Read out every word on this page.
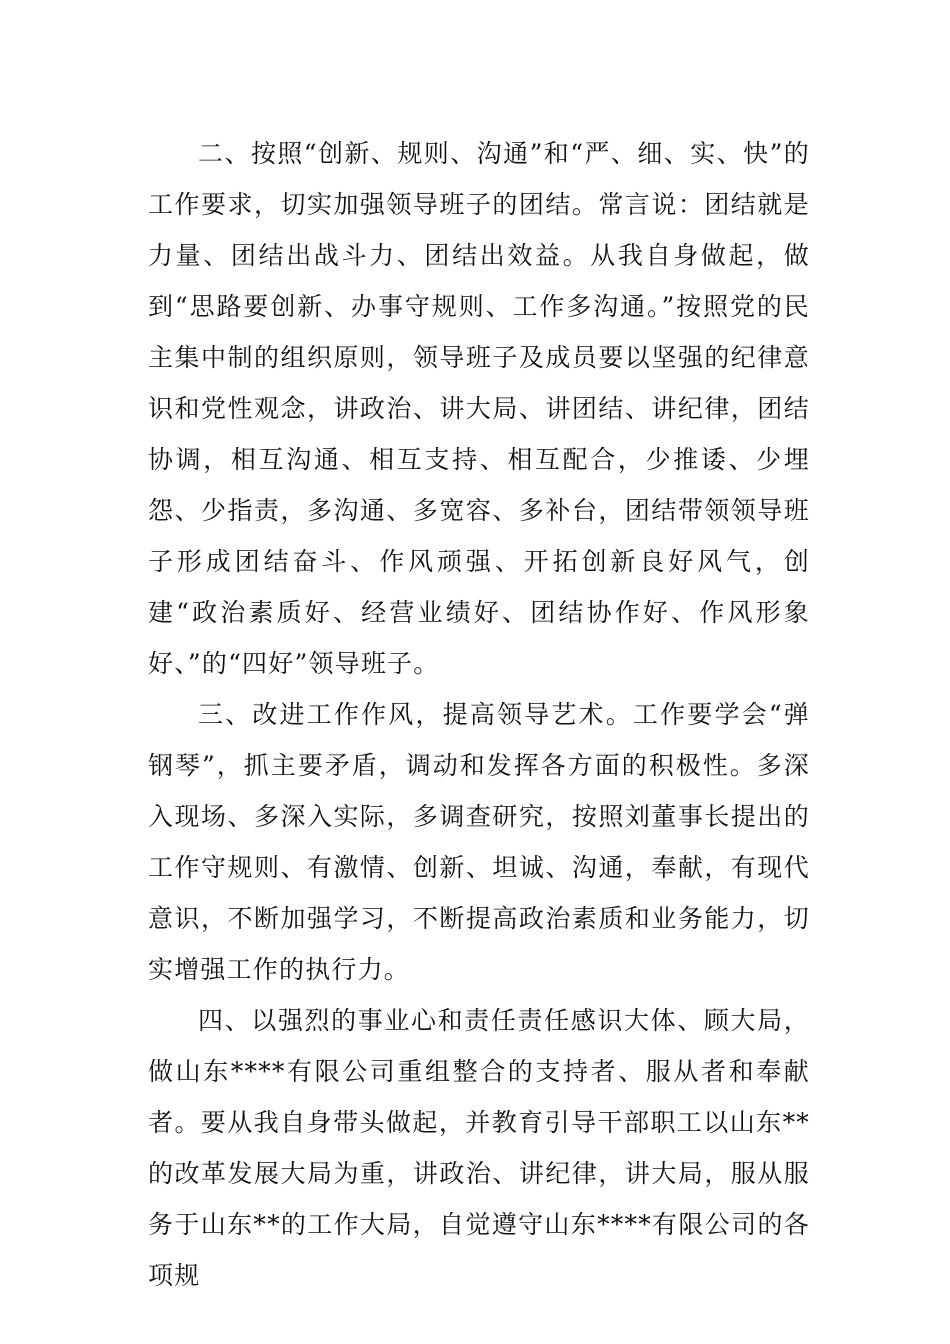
二、按照“创新、规则、沟通”和“严、细、实、快”的工作要求，切实加强领导班子的团结。常言说：团结就是力量、团结出战斗力、团结出效益。从我自身做起，做到“思路要创新、办事守规则、工作多沟通。”按照党的民主集中制的组织原则，领导班子及成员要以坚强的纪律意识和党性观念，讲政治、讲大局、讲团结、讲纪律，团结协调，相互沟通、相互支持、相互配合，少推诿、少埋怨、少指责，多沟通、多宽容、多补台，团结带领领导班子形成团结奋斗、作风顽强、开拓创新良好风气，创建“政治素质好、经营业绩好、团结协作好、作风形象好、”的“四好”领导班子。

三、改进工作作风，提高领导艺术。工作要学会“弹钢琴”，抓主要矛盾，调动和发挥各方面的积极性。多深入现场、多深入实际，多调查研究，按照刘董事长提出的工作守规则、有激情、创新、坦诚、沟通，奉献，有现代意识，不断加强学习，不断提高政治素质和业务能力，切实增强工作的执行力。

四、以强烈的事业心和责任责任感识大体、顾大局，做山东****有限公司重组整合的支持者、服从者和奉献者。要从我自身带头做起，并教育引导干部职工以山东**的改革发展大局为重，讲政治、讲纪律，讲大局，服从服务于山东**的工作大局，自觉遵守山东****有限公司的各项规
